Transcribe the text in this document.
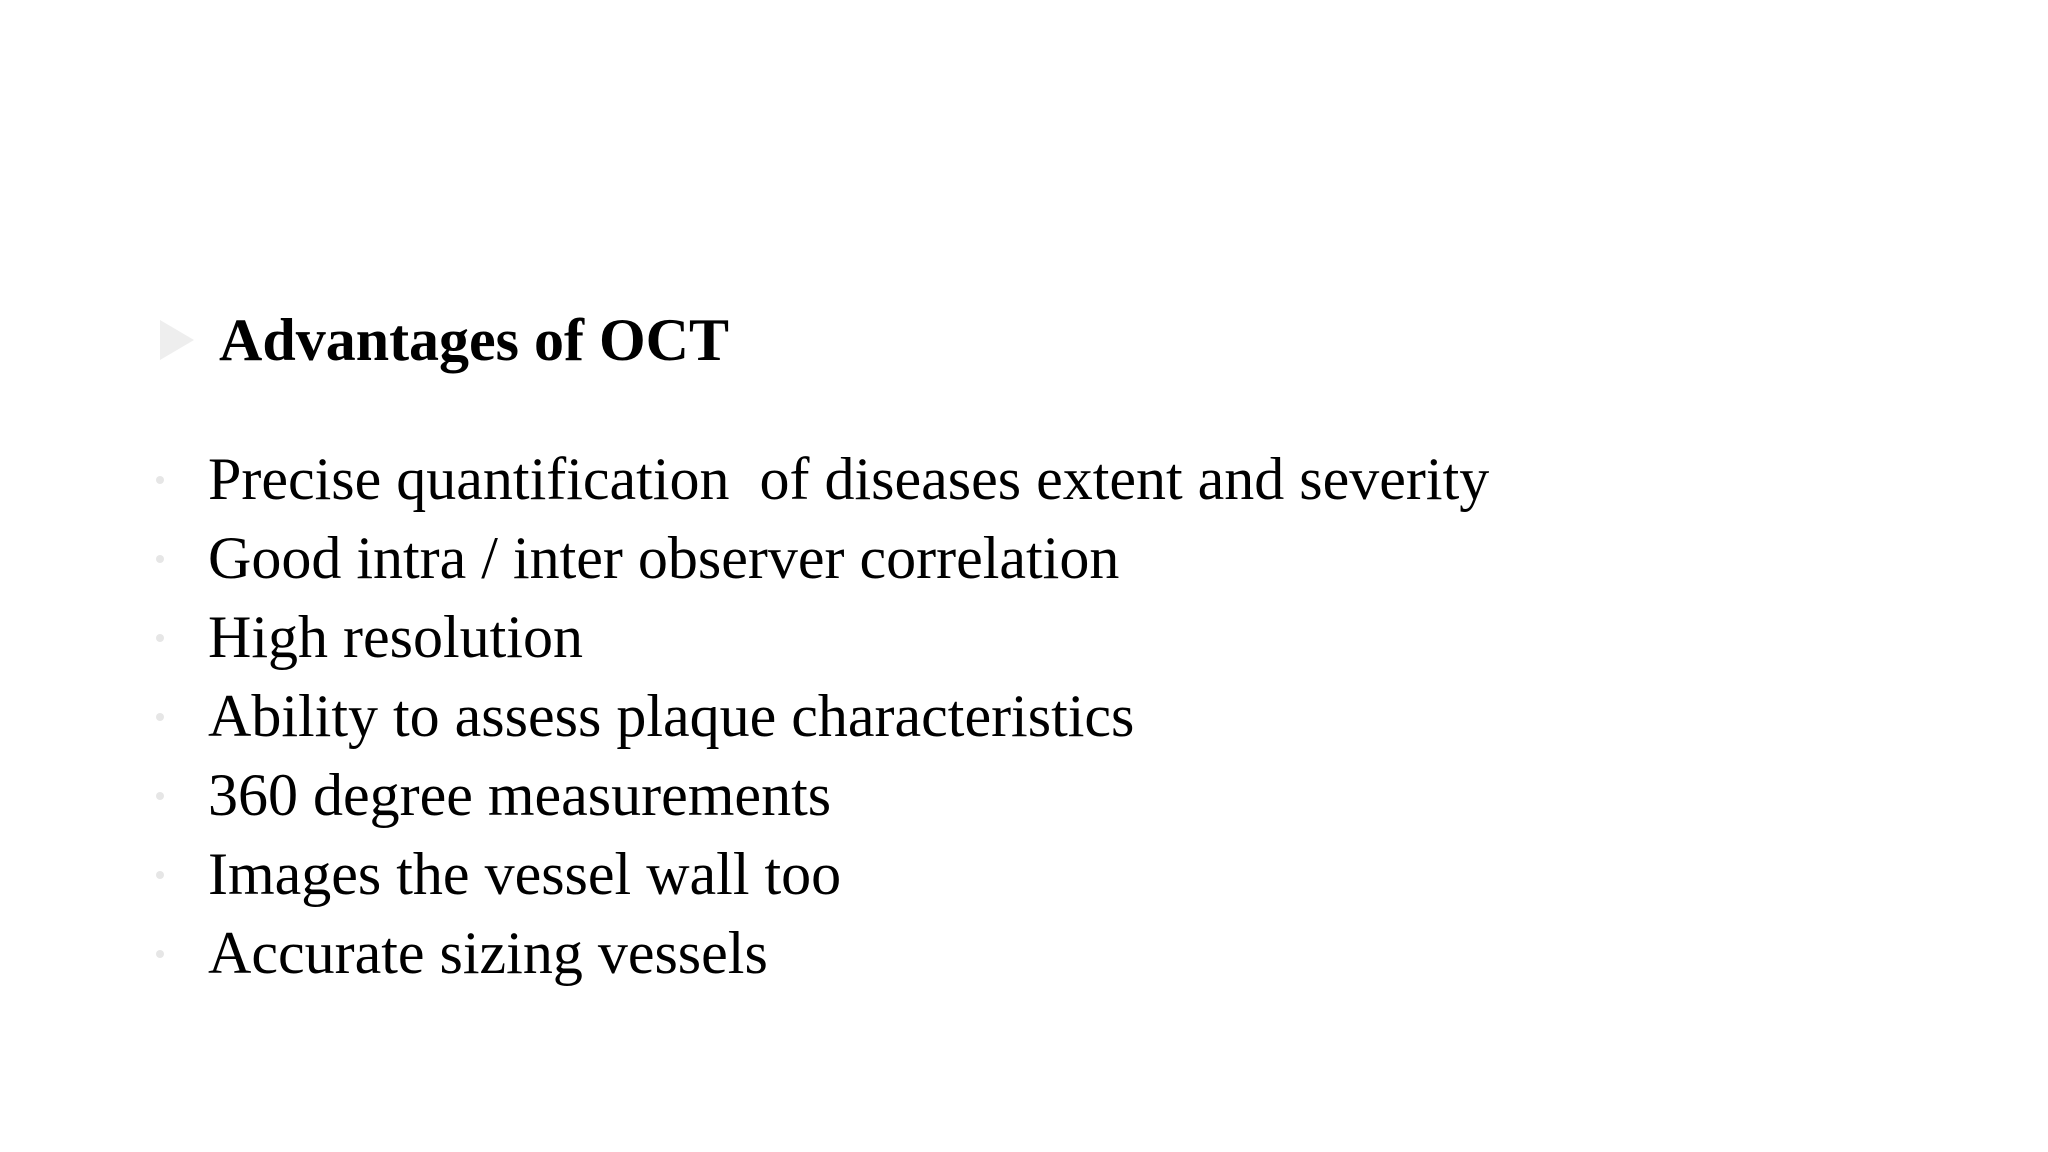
Advantages of OCT
Precise quantification  of diseases extent and severity
Good intra / inter observer correlation
High resolution
Ability to assess plaque characteristics
360 degree measurements
Images the vessel wall too
Accurate sizing vessels
